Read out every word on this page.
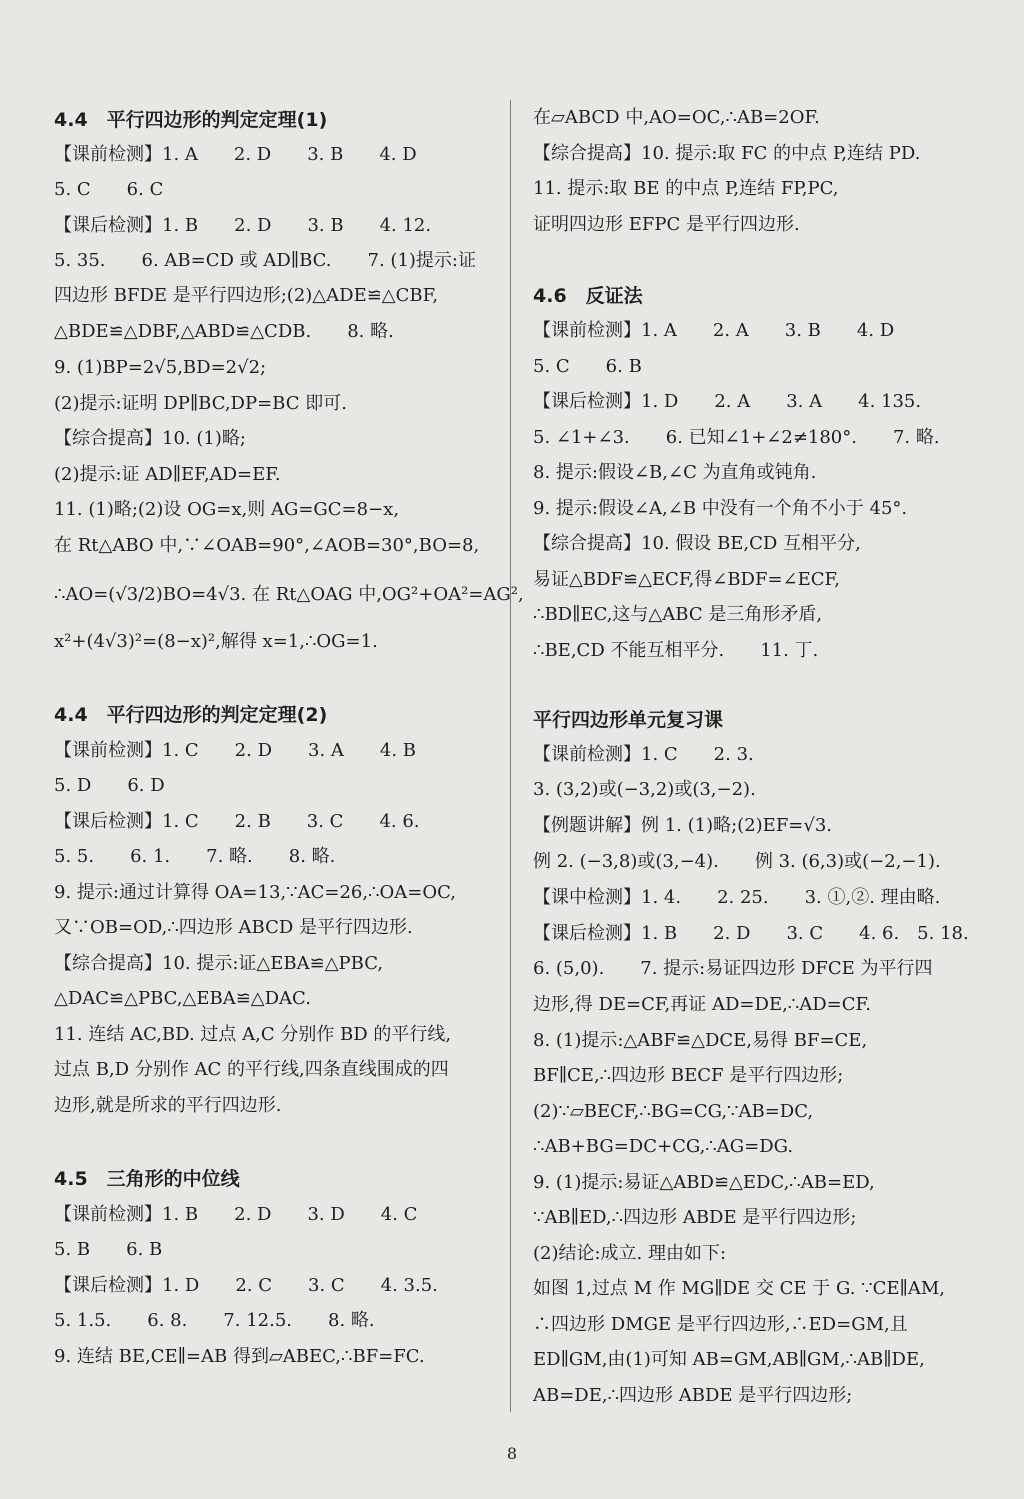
4.4　平行四边形的判定定理(1)
【课前检测】1. A　　2. D　　3. B　　4. D
5. C　　6. C
【课后检测】1. B　　2. D　　3. B　　4. 12.
5. 35.　　6. AB=CD 或 AD∥BC.　　7. (1)提示:证
四边形 BFDE 是平行四边形;(2)△ADE≌△CBF,
△BDE≌△DBF,△ABD≌△CDB.　　8. 略.
9. (1)BP=2√5,BD=2√2;
(2)提示:证明 DP∥BC,DP=BC 即可.
【综合提高】10. (1)略;
(2)提示:证 AD∥EF,AD=EF.
11. (1)略;(2)设 OG=x,则 AG=GC=8−x,
在 Rt△ABO 中,∵∠OAB=90°,∠AOB=30°,BO=8,
∴AO=(√3/2)BO=4√3. 在 Rt△OAG 中,OG²+OA²=AG²,
x²+(4√3)²=(8−x)²,解得 x=1,∴OG=1.
4.4　平行四边形的判定定理(2)
【课前检测】1. C　　2. D　　3. A　　4. B
5. D　　6. D
【课后检测】1. C　　2. B　　3. C　　4. 6.
5. 5.　　6. 1.　　7. 略.　　8. 略.
9. 提示:通过计算得 OA=13,∵AC=26,∴OA=OC,
又∵OB=OD,∴四边形 ABCD 是平行四边形.
【综合提高】10. 提示:证△EBA≌△PBC,
△DAC≌△PBC,△EBA≌△DAC.
11. 连结 AC,BD. 过点 A,C 分别作 BD 的平行线,
过点 B,D 分别作 AC 的平行线,四条直线围成的四
边形,就是所求的平行四边形.
4.5　三角形的中位线
【课前检测】1. B　　2. D　　3. D　　4. C
5. B　　6. B
【课后检测】1. D　　2. C　　3. C　　4. 3.5.
5. 1.5.　　6. 8.　　7. 12.5.　　8. 略.
9. 连结 BE,CE∥=AB 得到▱ABEC,∴BF=FC.
在▱ABCD 中,AO=OC,∴AB=2OF.
【综合提高】10. 提示:取 FC 的中点 P,连结 PD.
11. 提示:取 BE 的中点 P,连结 FP,PC,
证明四边形 EFPC 是平行四边形.
4.6　反证法
【课前检测】1. A　　2. A　　3. B　　4. D
5. C　　6. B
【课后检测】1. D　　2. A　　3. A　　4. 135.
5. ∠1+∠3.　　6. 已知∠1+∠2≠180°.　　7. 略.
8. 提示:假设∠B,∠C 为直角或钝角.
9. 提示:假设∠A,∠B 中没有一个角不小于 45°.
【综合提高】10. 假设 BE,CD 互相平分,
易证△BDF≌△ECF,得∠BDF=∠ECF,
∴BD∥EC,这与△ABC 是三角形矛盾,
∴BE,CD 不能互相平分.　　11. 丁.
平行四边形单元复习课
【课前检测】1. C　　2. 3.
3. (3,2)或(−3,2)或(3,−2).
【例题讲解】例 1. (1)略;(2)EF=√3.
例 2. (−3,8)或(3,−4).　　例 3. (6,3)或(−2,−1).
【课中检测】1. 4.　　2. 25.　　3. ①,②. 理由略.
【课后检测】1. B　　2. D　　3. C　　4. 6.　5. 18.
6. (5,0).　　7. 提示:易证四边形 DFCE 为平行四
边形,得 DE=CF,再证 AD=DE,∴AD=CF.
8. (1)提示:△ABF≌△DCE,易得 BF=CE,
BF∥CE,∴四边形 BECF 是平行四边形;
(2)∵▱BECF,∴BG=CG,∵AB=DC,
∴AB+BG=DC+CG,∴AG=DG.
9. (1)提示:易证△ABD≌△EDC,∴AB=ED,
∵AB∥ED,∴四边形 ABDE 是平行四边形;
(2)结论:成立. 理由如下:
如图 1,过点 M 作 MG∥DE 交 CE 于 G. ∵CE∥AM,
∴四边形 DMGE 是平行四边形,∴ED=GM,且
ED∥GM,由(1)可知 AB=GM,AB∥GM,∴AB∥DE,
AB=DE,∴四边形 ABDE 是平行四边形;
8
